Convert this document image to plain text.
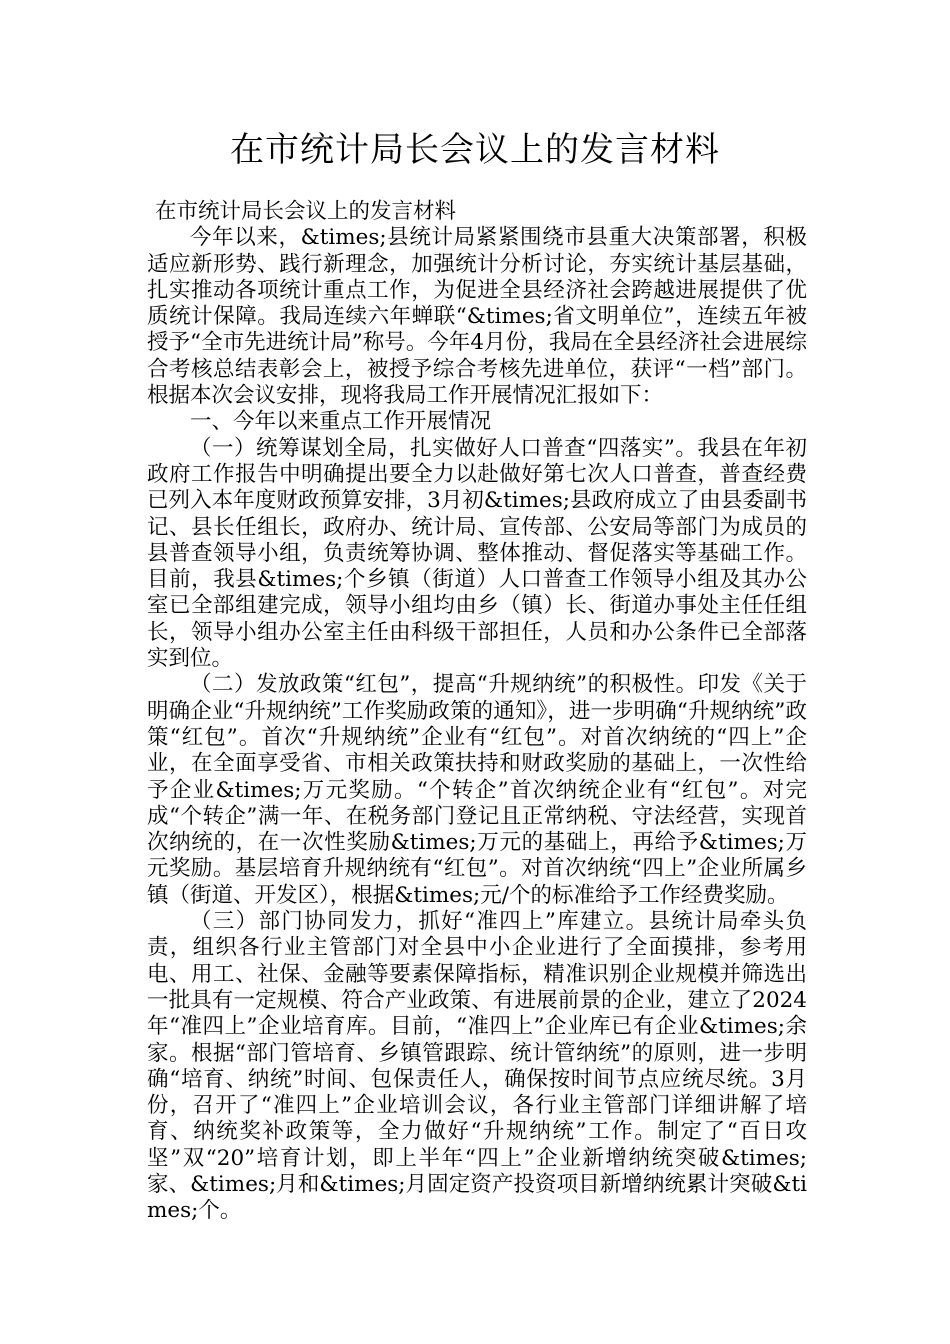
在市统计局长会议上的发言材料

在市统计局长会议上的发言材料

今年以来，&times;县统计局紧紧围绕市县重大决策部署，积极适应新形势、践行新理念，加强统计分析讨论，夯实统计基层基础，扎实推动各项统计重点工作，为促进全县经济社会跨越进展提供了优质统计保障。我局连续六年蝉联“&times;省文明单位”，连续五年被授予“全市先进统计局”称号。今年4月份，我局在全县经济社会进展综合考核总结表彰会上，被授予综合考核先进单位，获评“一档”部门。根据本次会议安排，现将我局工作开展情况汇报如下：

一、今年以来重点工作开展情况

（一）统筹谋划全局，扎实做好人口普查“四落实”。我县在年初政府工作报告中明确提出要全力以赴做好第七次人口普查，普查经费已列入本年度财政预算安排，3月初&times;县政府成立了由县委副书记、县长任组长，政府办、统计局、宣传部、公安局等部门为成员的县普查领导小组，负责统筹协调、整体推动、督促落实等基础工作。目前，我县&times;个乡镇（街道）人口普查工作领导小组及其办公室已全部组建完成，领导小组均由乡（镇）长、街道办事处主任任组长，领导小组办公室主任由科级干部担任，人员和办公条件已全部落实到位。

（二）发放政策“红包”，提高“升规纳统”的积极性。印发《关于明确企业“升规纳统”工作奖励政策的通知》，进一步明确“升规纳统”政策“红包”。首次“升规纳统”企业有“红包”。对首次纳统的“四上”企业，在全面享受省、市相关政策扶持和财政奖励的基础上，一次性给予企业&times;万元奖励。“个转企”首次纳统企业有“红包”。对完成“个转企”满一年、在税务部门登记且正常纳税、守法经营，实现首次纳统的，在一次性奖励&times;万元的基础上，再给予&times;万元奖励。基层培育升规纳统有“红包”。对首次纳统“四上”企业所属乡镇（街道、开发区），根据&times;元/个的标准给予工作经费奖励。

（三）部门协同发力，抓好“准四上”库建立。县统计局牵头负责，组织各行业主管部门对全县中小企业进行了全面摸排，参考用电、用工、社保、金融等要素保障指标，精准识别企业规模并筛选出一批具有一定规模、符合产业政策、有进展前景的企业，建立了2024年“准四上”企业培育库。目前，“准四上”企业库已有企业&times;余家。根据“部门管培育、乡镇管跟踪、统计管纳统”的原则，进一步明确“培育、纳统”时间、包保责任人，确保按时间节点应统尽统。3月份，召开了“准四上”企业培训会议，各行业主管部门详细讲解了培育、纳统奖补政策等，全力做好“升规纳统”工作。制定了“百日攻坚”双“20”培育计划，即上半年“四上”企业新增纳统突破&times;家、&times;月和&times;月固定资产投资项目新增纳统累计突破&times;个。
